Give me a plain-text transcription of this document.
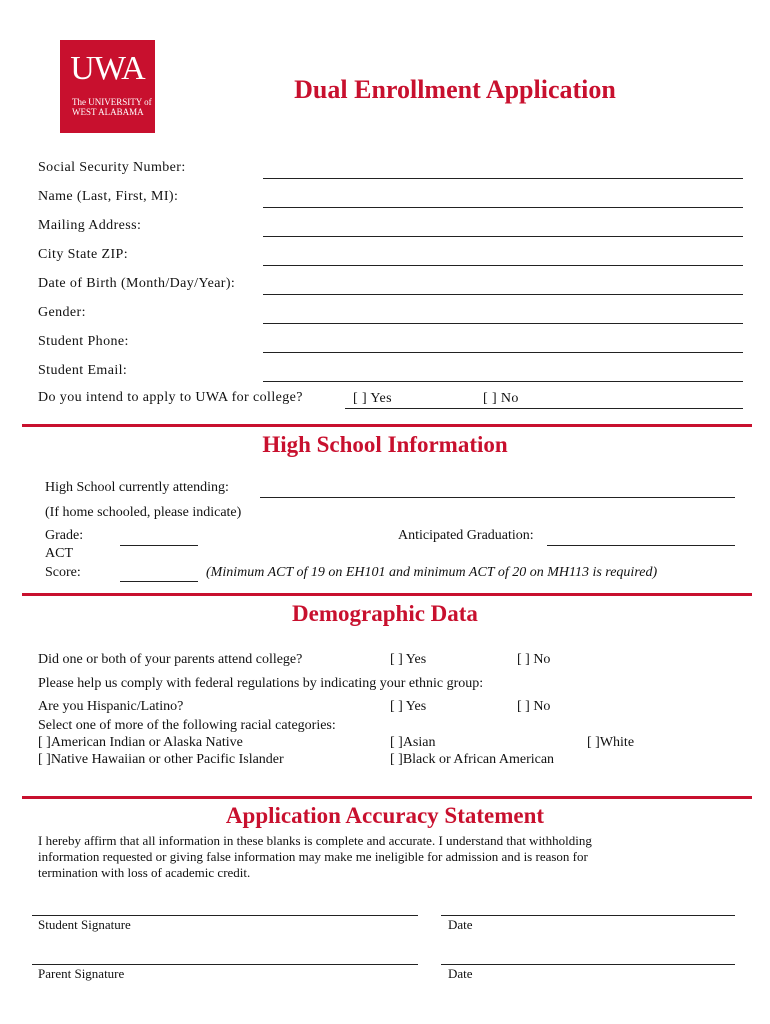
UWA
The UNIVERSITY of
WEST ALABAMA
Dual Enrollment Application
Social Security Number:
Name (Last, First, MI):
Mailing Address:
City State ZIP:
Date of Birth (Month/Day/Year):
Gender:
Student Phone:
Student Email:
Do you intend to apply to UWA for college?	[ ] Yes	[ ] No
High School Information
High School currently attending:
(If home schooled, please indicate)
Grade:	Anticipated Graduation:
ACT
Score:	(Minimum ACT of 19 on EH101 and minimum ACT of 20 on MH113 is required)
Demographic Data
Did one or both of your parents attend college?	[ ] Yes	[ ] No
Please help us comply with federal regulations by indicating your ethnic group:
Are you Hispanic/Latino?	[ ] Yes	[ ] No
Select one of more of the following racial categories:
[ ]American Indian or Alaska Native	[ ]Asian	[ ]White
[ ]Native Hawaiian or other Pacific Islander	[ ]Black or African American
Application Accuracy Statement
I hereby affirm that all information in these blanks is complete and accurate. I understand that withholding
information requested or giving false information may make me ineligible for admission and is reason for
termination with loss of academic credit.
Student Signature	Date
Parent Signature	Date
